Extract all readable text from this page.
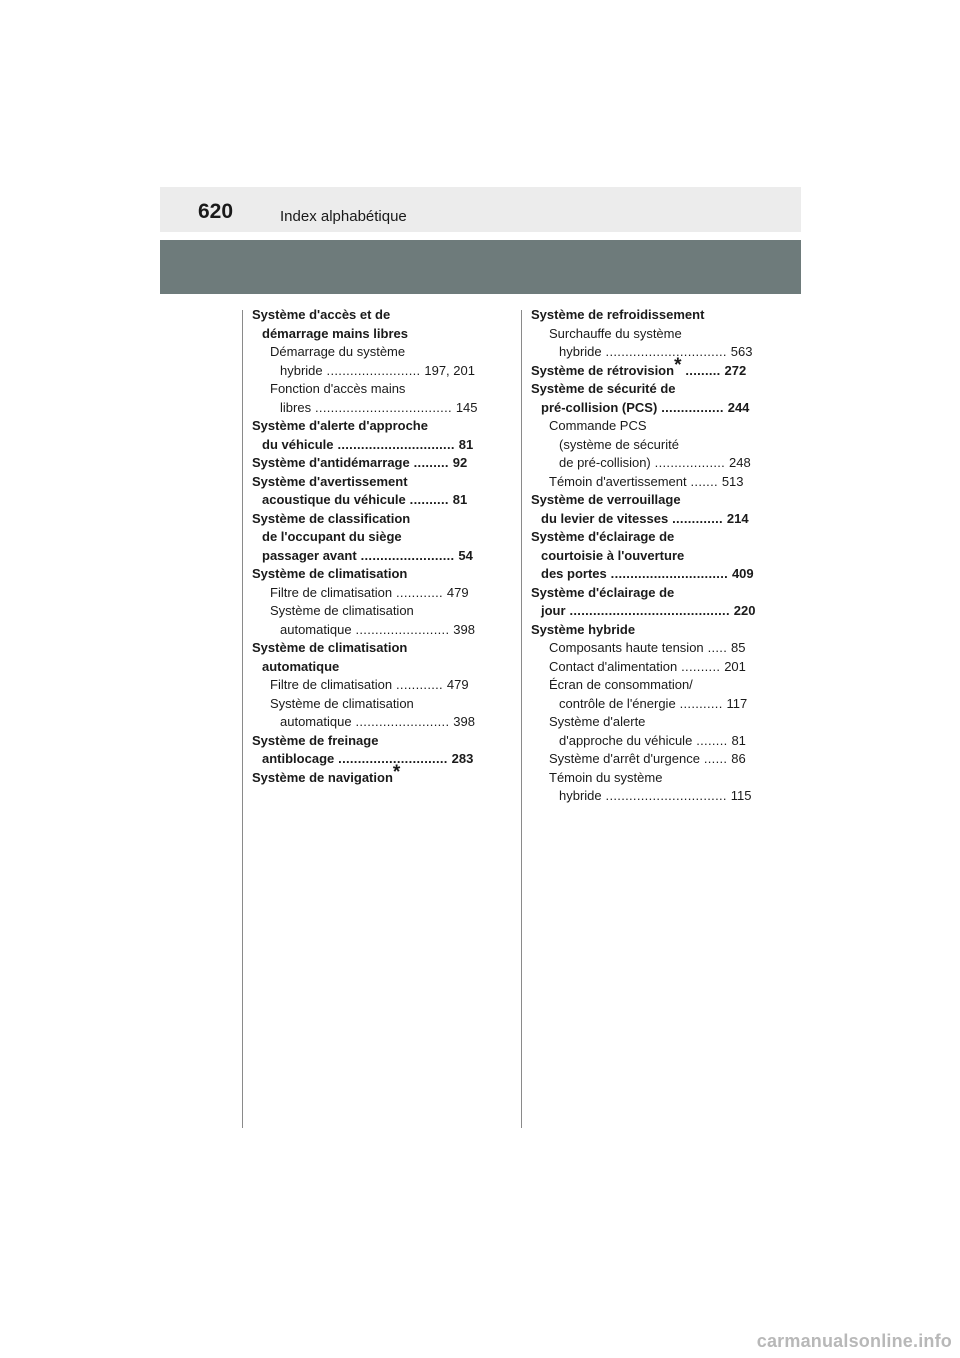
620	Index alphabétique
Système d'accès et de
démarrage mains libres
Démarrage du système
hybride ........................ 197, 201
Fonction d'accès mains
libres ................................... 145
Système d'alerte d'approche
du véhicule .............................. 81
Système d'antidémarrage ......... 92
Système d'avertissement
acoustique du véhicule .......... 81
Système de classification
de l'occupant du siège
passager avant ........................ 54
Système de climatisation
Filtre de climatisation ............ 479
Système de climatisation
automatique ........................ 398
Système de climatisation
automatique
Filtre de climatisation ............ 479
Système de climatisation
automatique ........................ 398
Système de freinage
antiblocage ............................ 283
Système de navigation*
Système de refroidissement
Surchauffe du système
hybride ............................... 563
Système de rétrovision* ......... 272
Système de sécurité de
pré-collision (PCS) ................ 244
Commande PCS
(système de sécurité
de pré-collision) .................. 248
Témoin d'avertissement ....... 513
Système de verrouillage
du levier de vitesses ............. 214
Système d'éclairage de
courtoisie à l'ouverture
des portes .............................. 409
Système d'éclairage de
jour ......................................... 220
Système hybride
Composants haute tension ..... 85
Contact d'alimentation .......... 201
Écran de consommation/
contrôle de l'énergie ........... 117
Système d'alerte
d'approche du véhicule ........ 81
Système d'arrêt d'urgence ...... 86
Témoin du système
hybride ............................... 115
carmanualsonline.info
